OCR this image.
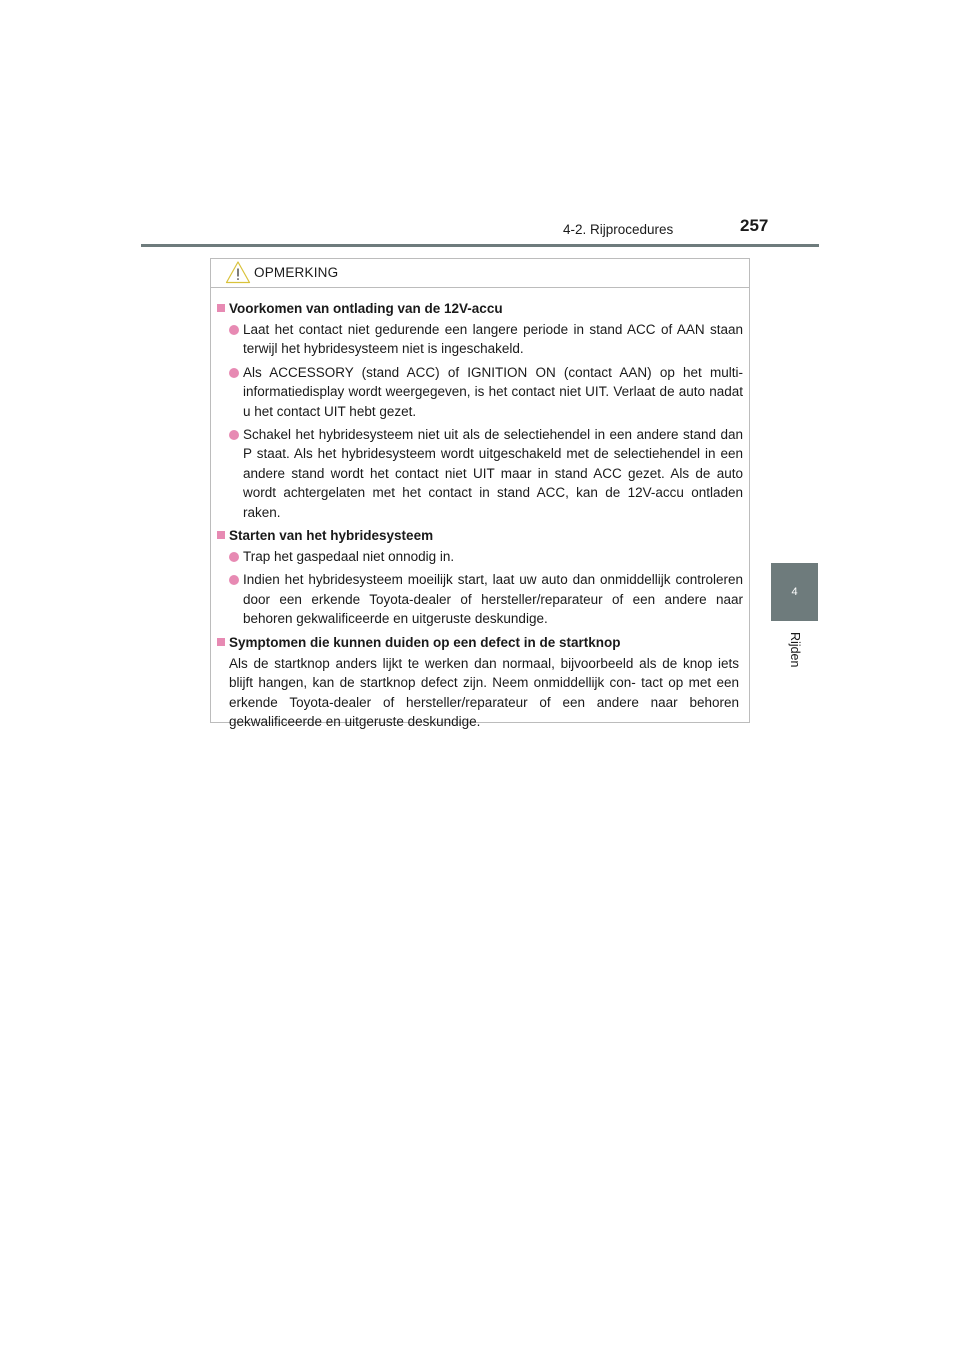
4-2. Rijprocedures	257
4
Rijden
OPMERKING
Voorkomen van ontlading van de 12V-accu
Laat het contact niet gedurende een langere periode in stand ACC of AAN staan terwijl het hybridesysteem niet is ingeschakeld.
Als ACCESSORY (stand ACC) of IGNITION ON (contact AAN) op het multi-informatiedisplay wordt weergegeven, is het contact niet UIT. Verlaat de auto nadat u het contact UIT hebt gezet.
Schakel het hybridesysteem niet uit als de selectiehendel in een andere stand dan P staat. Als het hybridesysteem wordt uitgeschakeld met de selectiehendel in een andere stand wordt het contact niet UIT maar in stand ACC gezet. Als de auto wordt achtergelaten met het contact in stand ACC, kan de 12V-accu ontladen raken.
Starten van het hybridesysteem
Trap het gaspedaal niet onnodig in.
Indien het hybridesysteem moeilijk start, laat uw auto dan onmiddellijk controleren door een erkende Toyota-dealer of hersteller/reparateur of een andere naar behoren gekwalificeerde en uitgeruste deskundige.
Symptomen die kunnen duiden op een defect in de startknop
Als de startknop anders lijkt te werken dan normaal, bijvoorbeeld als de knop iets blijft hangen, kan de startknop defect zijn. Neem onmiddellijk con- tact op met een erkende Toyota-dealer of hersteller/reparateur of een andere naar behoren gekwalificeerde en uitgeruste deskundige.
